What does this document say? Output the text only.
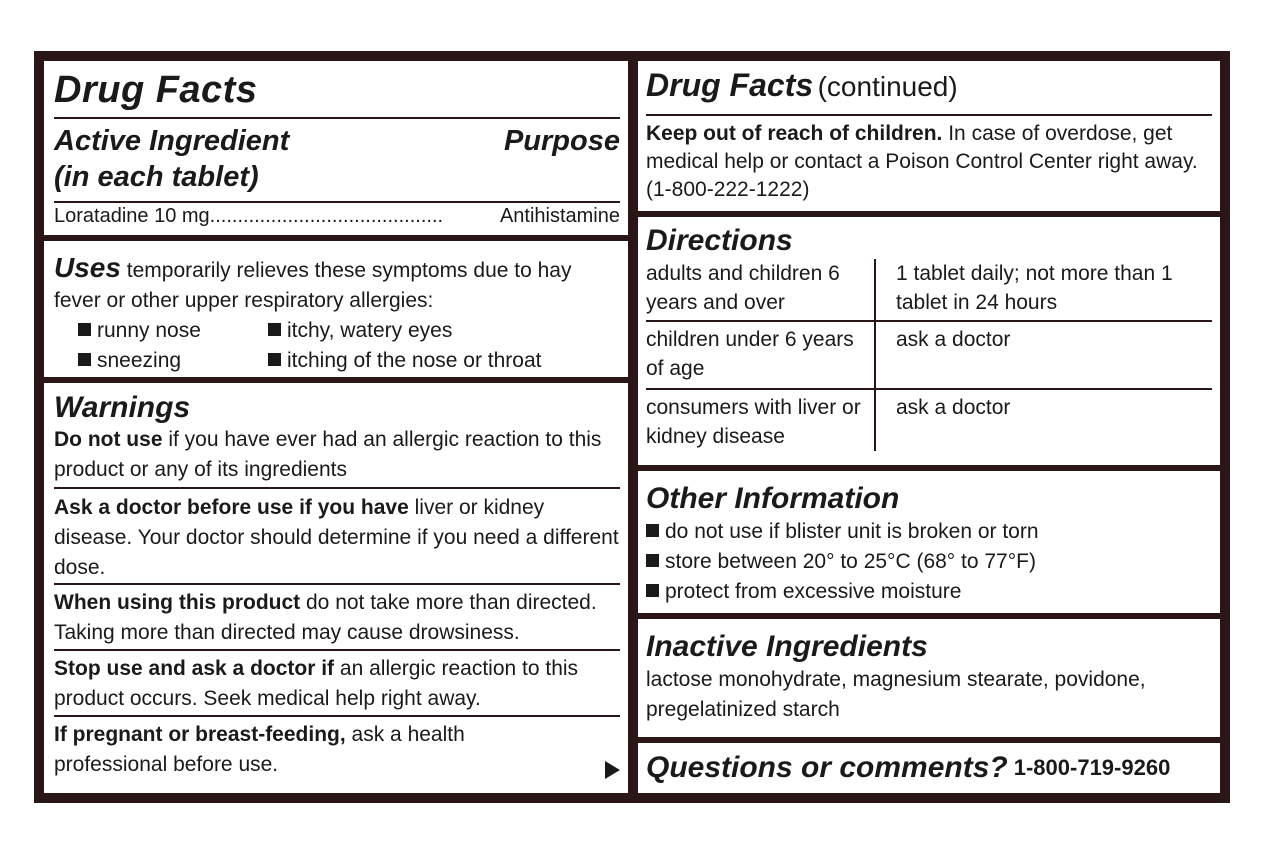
Drug Facts
Active Ingredient
(in each tablet)
Purpose
Loratadine 10 mg ..........................................	Antihistamine
Uses temporarily relieves these symptoms due to hay fever or other upper respiratory allergies:
runny nose	itchy, watery eyes
sneezing	itching of the nose or throat
Warnings
Do not use if you have ever had an allergic reaction to this product or any of its ingredients
Ask a doctor before use if you have liver or kidney disease. Your doctor should determine if you need a different dose.
When using this product do not take more than directed. Taking more than directed may cause drowsiness.
Stop use and ask a doctor if an allergic reaction to this product occurs. Seek medical help right away.
If pregnant or breast-feeding, ask a health professional before use.
Drug Facts (continued)
Keep out of reach of children. In case of overdose, get medical help or contact a Poison Control Center right away. (1-800-222-1222)
Directions
adults and children 6 years and over	1 tablet daily; not more than 1 tablet in 24 hours
children under 6 years of age	ask a doctor
consumers with liver or kidney disease	ask a doctor
Other Information
do not use if blister unit is broken or torn
store between 20° to 25°C (68° to 77°F)
protect from excessive moisture
Inactive Ingredients
lactose monohydrate, magnesium stearate, povidone, pregelatinized starch
Questions or comments? 1-800-719-9260
